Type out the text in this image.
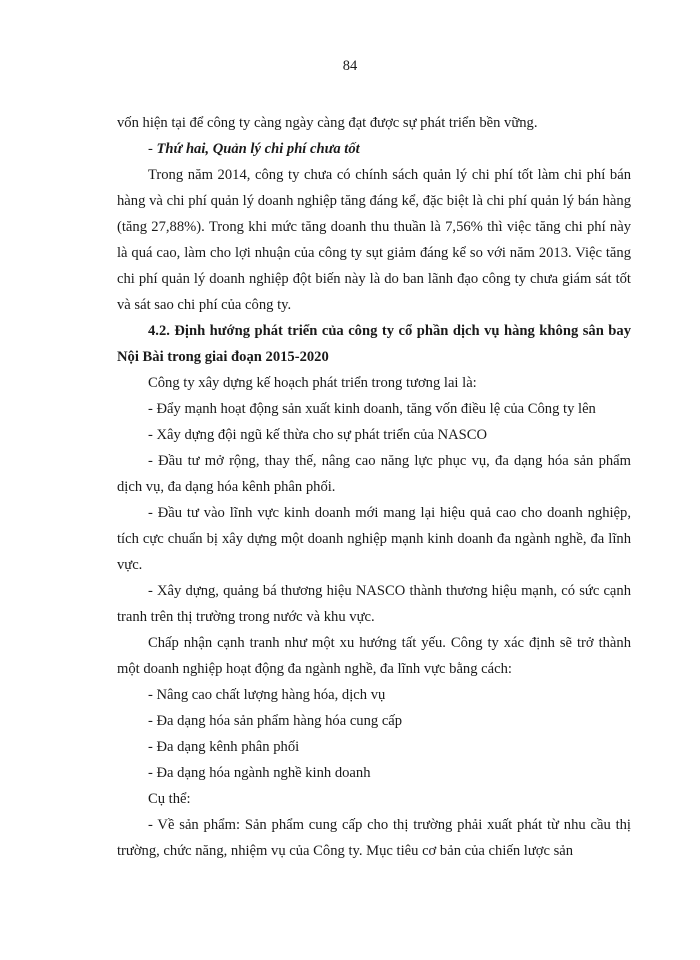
84

vốn hiện tại để công ty càng ngày càng đạt được sự phát triển bền vững.

- Thứ hai, Quản lý chi phí chưa tốt

Trong năm 2014, công ty chưa có chính sách quản lý chi phí tốt làm chi phí bán hàng và chi phí quản lý doanh nghiệp tăng đáng kể, đặc biệt là chi phí quản lý bán hàng (tăng 27,88%). Trong khi mức tăng doanh thu thuần là 7,56% thì việc tăng chi phí này là quá cao, làm cho lợi nhuận của công ty sụt giảm đáng kể so với năm 2013. Việc tăng chi phí quản lý doanh nghiệp đột biến này là do ban lãnh đạo công ty chưa giám sát tốt và sát sao chi phí của công ty.

4.2. Định hướng phát triển của công ty cổ phần dịch vụ hàng không sân bay Nội Bài trong giai đoạn 2015-2020

Công ty xây dựng kế hoạch phát triển trong tương lai là:

- Đẩy mạnh hoạt động sản xuất kinh doanh, tăng vốn điều lệ của Công ty lên

- Xây dựng đội ngũ kế thừa cho sự phát triển của NASCO

- Đầu tư mở rộng, thay thế, nâng cao năng lực phục vụ, đa dạng hóa sản phẩm dịch vụ, đa dạng hóa kênh phân phối.

- Đầu tư vào lĩnh vực kinh doanh mới mang lại hiệu quả cao cho doanh nghiệp, tích cực chuẩn bị xây dựng một doanh nghiệp mạnh kinh doanh đa ngành nghề, đa lĩnh vực.

- Xây dựng, quảng bá thương hiệu NASCO thành thương hiệu mạnh, có sức cạnh tranh trên thị trường trong nước và khu vực.

Chấp nhận cạnh tranh như một xu hướng tất yếu. Công ty xác định sẽ trở thành một doanh nghiệp hoạt động đa ngành nghề, đa lĩnh vực bằng cách:

- Nâng cao chất lượng hàng hóa, dịch vụ

- Đa dạng hóa sản phẩm hàng hóa cung cấp

- Đa dạng kênh phân phối

- Đa dạng hóa ngành nghề kinh doanh

Cụ thể:

- Về sản phẩm: Sản phẩm cung cấp cho thị trường phải xuất phát từ nhu cầu thị trường, chức năng, nhiệm vụ của Công ty. Mục tiêu cơ bản của chiến lược sản
